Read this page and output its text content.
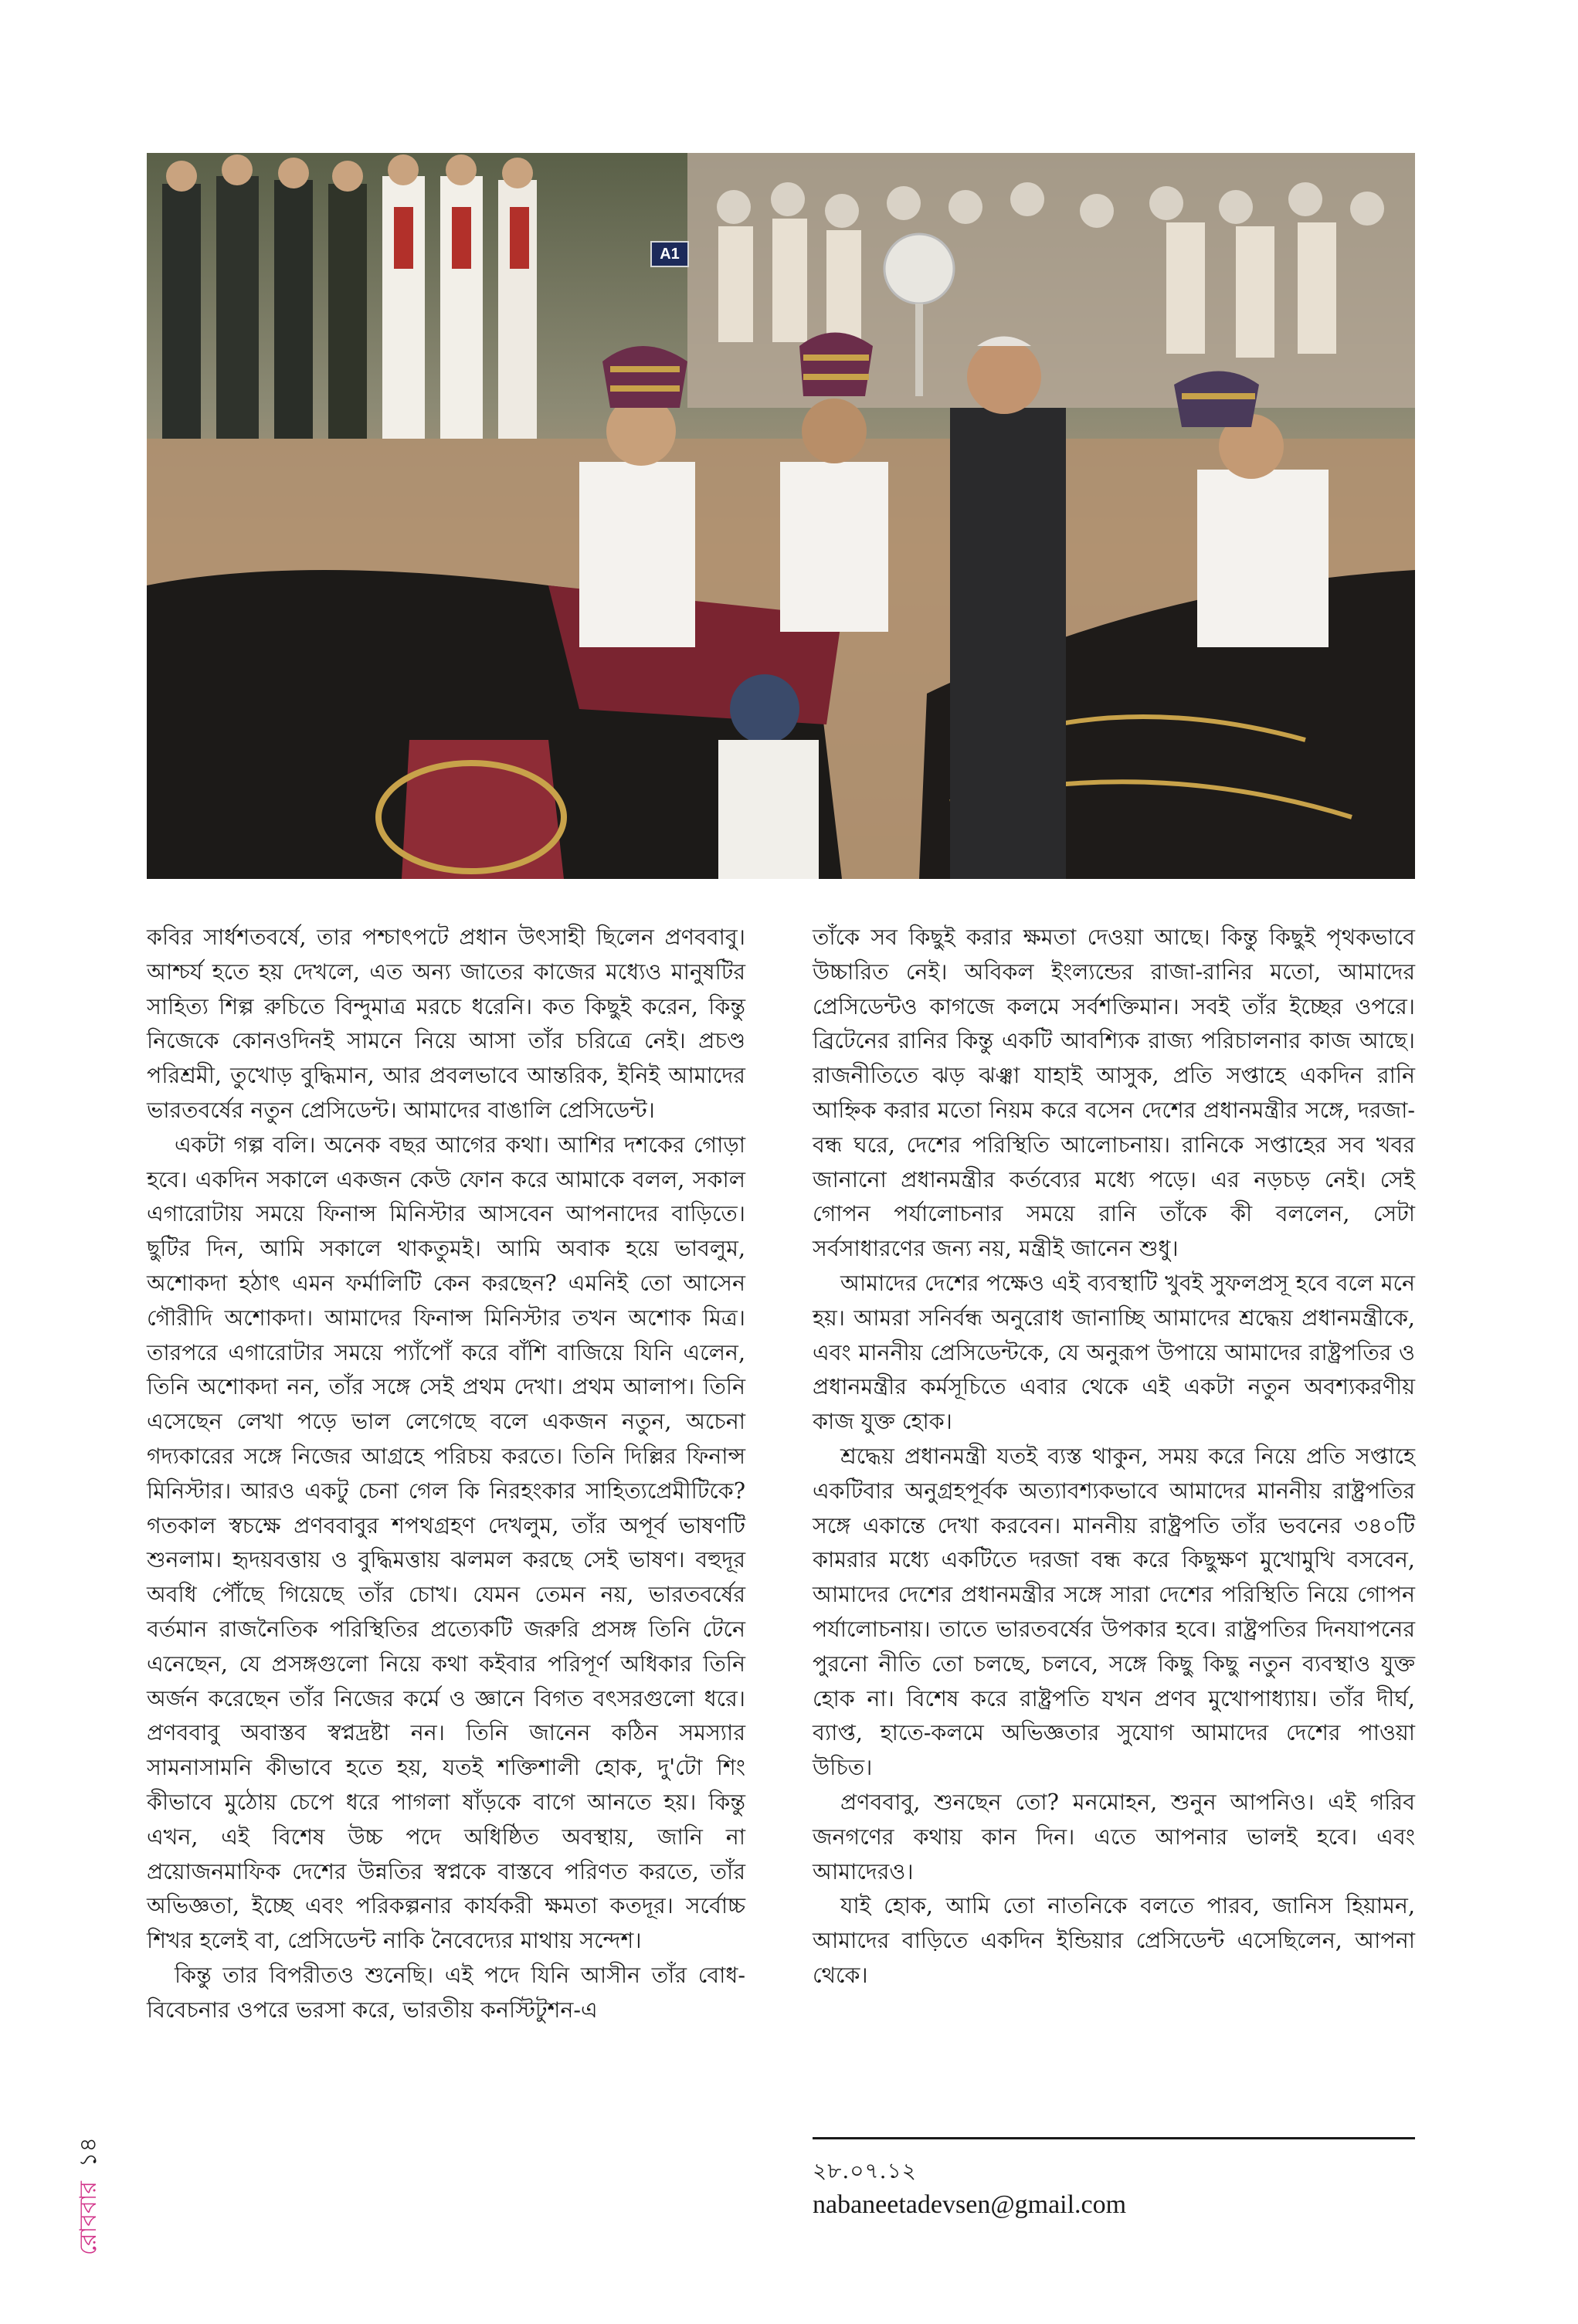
A1

কবির সার্ধশতবর্ষে, তার পশ্চাৎপটে প্রধান উৎসাহী ছিলেন প্রণববাবু। আশ্চর্য হতে হয় দেখলে, এত অন্য জাতের কাজের মধ্যেও মানুষটির সাহিত্য শিল্প রুচিতে বিন্দুমাত্র মরচে ধরেনি। কত কিছুই করেন, কিন্তু নিজেকে কোনওদিনই সামনে নিয়ে আসা তাঁর চরিত্রে নেই। প্রচণ্ড পরিশ্রমী, তুখোড় বুদ্ধিমান, আর প্রবলভাবে আন্তরিক, ইনিই আমাদের ভারতবর্ষের নতুন প্রেসিডেন্ট। আমাদের বাঙালি প্রেসিডেন্ট।

একটা গল্প বলি। অনেক বছর আগের কথা। আশির দশকের গোড়া হবে। একদিন সকালে একজন কেউ ফোন করে আমাকে বলল, সকাল এগারোটায় সময়ে ফিনান্স মিনিস্টার আসবেন আপনাদের বাড়িতে। ছুটির দিন, আমি সকালে থাকতুমই। আমি অবাক হয়ে ভাবলুম, অশোকদা হঠাৎ এমন ফর্মালিটি কেন করছেন? এমনিই তো আসেন গৌরীদি অশোকদা। আমাদের ফিনান্স মিনিস্টার তখন অশোক মিত্র। তারপরে এগারোটার সময়ে প্যাঁপোঁ করে বাঁশি বাজিয়ে যিনি এলেন, তিনি অশোকদা নন, তাঁর সঙ্গে সেই প্রথম দেখা। প্রথম আলাপ। তিনি এসেছেন লেখা পড়ে ভাল লেগেছে বলে একজন নতুন, অচেনা গদ্যকারের সঙ্গে নিজের আগ্রহে পরিচয় করতে। তিনি দিল্লির ফিনান্স মিনিস্টার। আরও একটু চেনা গেল কি নিরহংকার সাহিত্যপ্রেমীটিকে? গতকাল স্বচক্ষে প্রণববাবুর শপথগ্রহণ দেখলুম, তাঁর অপূর্ব ভাষণটি শুনলাম। হৃদয়বত্তায় ও বুদ্ধিমত্তায় ঝলমল করছে সেই ভাষণ। বহুদূর অবধি পৌঁছে গিয়েছে তাঁর চোখ। যেমন তেমন নয়, ভারতবর্ষের বর্তমান রাজনৈতিক পরিস্থিতির প্রত্যেকটি জরুরি প্রসঙ্গ তিনি টেনে এনেছেন, যে প্রসঙ্গগুলো নিয়ে কথা কইবার পরিপূর্ণ অধিকার তিনি অর্জন করেছেন তাঁর নিজের কর্মে ও জ্ঞানে বিগত বৎসরগুলো ধরে। প্রণববাবু অবাস্তব স্বপ্নদ্রষ্টা নন। তিনি জানেন কঠিন সমস্যার সামনাসামনি কীভাবে হতে হয়, যতই শক্তিশালী হোক, দু'টো শিং কীভাবে মুঠোয় চেপে ধরে পাগলা ষাঁড়কে বাগে আনতে হয়। কিন্তু এখন, এই বিশেষ উচ্চ পদে অধিষ্ঠিত অবস্থায়, জানি না প্রয়োজনমাফিক দেশের উন্নতির স্বপ্নকে বাস্তবে পরিণত করতে, তাঁর অভিজ্ঞতা, ইচ্ছে এবং পরিকল্পনার কার্যকরী ক্ষমতা কতদূর। সর্বোচ্চ শিখর হলেই বা, প্রেসিডেন্ট নাকি নৈবেদ্যের মাথায় সন্দেশ।

কিন্তু তার বিপরীতও শুনেছি। এই পদে যিনি আসীন তাঁর বোধ-বিবেচনার ওপরে ভরসা করে, ভারতীয় কনস্টিটুশন-এ

তাঁকে সব কিছুই করার ক্ষমতা দেওয়া আছে। কিন্তু কিছুই পৃথকভাবে উচ্চারিত নেই। অবিকল ইংল্যন্ডের রাজা-রানির মতো, আমাদের প্রেসিডেন্টও কাগজে কলমে সর্বশক্তিমান। সবই তাঁর ইচ্ছের ওপরে। ব্রিটেনের রানির কিন্তু একটি আবশ্যিক রাজ্য পরিচালনার কাজ আছে। রাজনীতিতে ঝড় ঝঞ্ঝা যাহাই আসুক, প্রতি সপ্তাহে একদিন রানি আহ্নিক করার মতো নিয়ম করে বসেন দেশের প্রধানমন্ত্রীর সঙ্গে, দরজা-বন্ধ ঘরে, দেশের পরিস্থিতি আলোচনায়। রানিকে সপ্তাহের সব খবর জানানো প্রধানমন্ত্রীর কর্তব্যের মধ্যে পড়ে। এর নড়চড় নেই। সেই গোপন পর্যালোচনার সময়ে রানি তাঁকে কী বললেন, সেটা সর্বসাধারণের জন্য নয়, মন্ত্রীই জানেন শুধু।

আমাদের দেশের পক্ষেও এই ব্যবস্থাটি খুবই সুফলপ্রসূ হবে বলে মনে হয়। আমরা সনির্বন্ধ অনুরোধ জানাচ্ছি আমাদের শ্রদ্ধেয় প্রধানমন্ত্রীকে, এবং মাননীয় প্রেসিডেন্টকে, যে অনুরূপ উপায়ে আমাদের রাষ্ট্রপতির ও প্রধানমন্ত্রীর কর্মসূচিতে এবার থেকে এই একটা নতুন অবশ্যকরণীয় কাজ যুক্ত হোক।

শ্রদ্ধেয় প্রধানমন্ত্রী যতই ব্যস্ত থাকুন, সময় করে নিয়ে প্রতি সপ্তাহে একটিবার অনুগ্রহপূর্বক অত্যাবশ্যকভাবে আমাদের মাননীয় রাষ্ট্রপতির সঙ্গে একান্তে দেখা করবেন। মাননীয় রাষ্ট্রপতি তাঁর ভবনের ৩৪০টি কামরার মধ্যে একটিতে দরজা বন্ধ করে কিছুক্ষণ মুখোমুখি বসবেন, আমাদের দেশের প্রধানমন্ত্রীর সঙ্গে সারা দেশের পরিস্থিতি নিয়ে গোপন পর্যালোচনায়। তাতে ভারতবর্ষের উপকার হবে। রাষ্ট্রপতির দিনযাপনের পুরনো নীতি তো চলছে, চলবে, সঙ্গে কিছু কিছু নতুন ব্যবস্থাও যুক্ত হোক না। বিশেষ করে রাষ্ট্রপতি যখন প্রণব মুখোপাধ্যায়। তাঁর দীর্ঘ, ব্যাপ্ত, হাতে-কলমে অভিজ্ঞতার সুযোগ আমাদের দেশের পাওয়া উচিত।

প্রণববাবু, শুনছেন তো? মনমোহন, শুনুন আপনিও। এই গরিব জনগণের কথায় কান দিন। এতে আপনার ভালই হবে। এবং আমাদেরও।

যাই হোক, আমি তো নাতনিকে বলতে পারব, জানিস হিয়ামন, আমাদের বাড়িতে একদিন ইন্ডিয়ার প্রেসিডেন্ট এসেছিলেন, আপনা থেকে।

২৮.০৭.১২
nabaneetadevsen@gmail.com
রোববার
১৪
